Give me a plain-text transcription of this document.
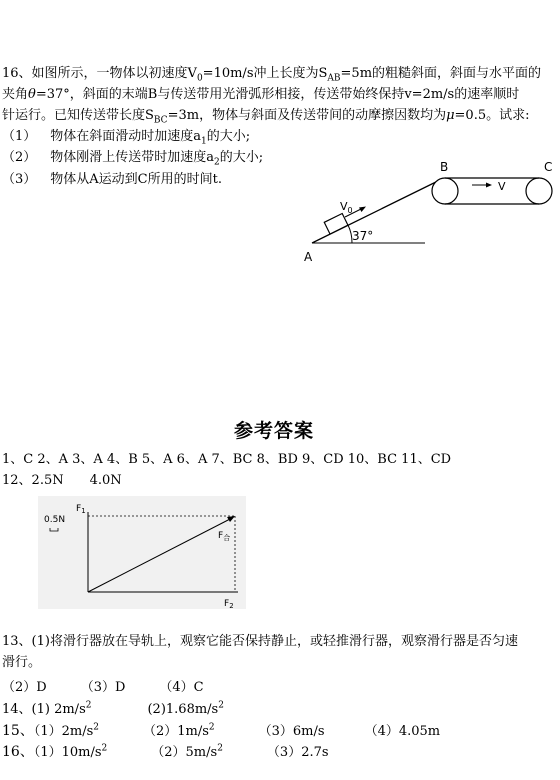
16、如图所示，一物体以初速度$V_0=10m/s$冲上长度为$S_{AB}=5m$的粗糙斜面，斜面与水平面的
夹角θ=37°，斜面的末端B与传送带用光滑弧形相接，传送带始终保持v=2m/s的速率顺时
针运行。已知传送带长度$S_{BC}=3m$，物体与斜面及传送带间的动摩擦因数均为μ=0.5。试求:
（1） 物体在斜面滑动时加速度$a_1$的大小;
（2） 物体刚滑上传送带时加速度$a_2$的大小;
（3） 物体从A运动到C所用的时间t.
$V_0$
37°
V
B	C
A
参考答案
1、C 2、A 3、A 4、B 5、A 6、A 7、BC 8、BD 9、CD 10、BC 11、CD
12、2.5N 4.0N
0.5N
$F_1$
$F_合$
$F_2$
13、(1)将滑行器放在导轨上，观察它能否保持静止，或轻推滑行器，观察滑行器是否匀速
滑行。
（2）D	（3）D	（4）C
14、(1) $2m/s^2$	$(2)1.68m/s^2$
15、$(1)2m/s^2$	$(2)1m/s^2$	（3）6m/s	（4）4.05m
16、$(1)10m/s^2$	$(2)5m/s^2$	（3）2.7s
